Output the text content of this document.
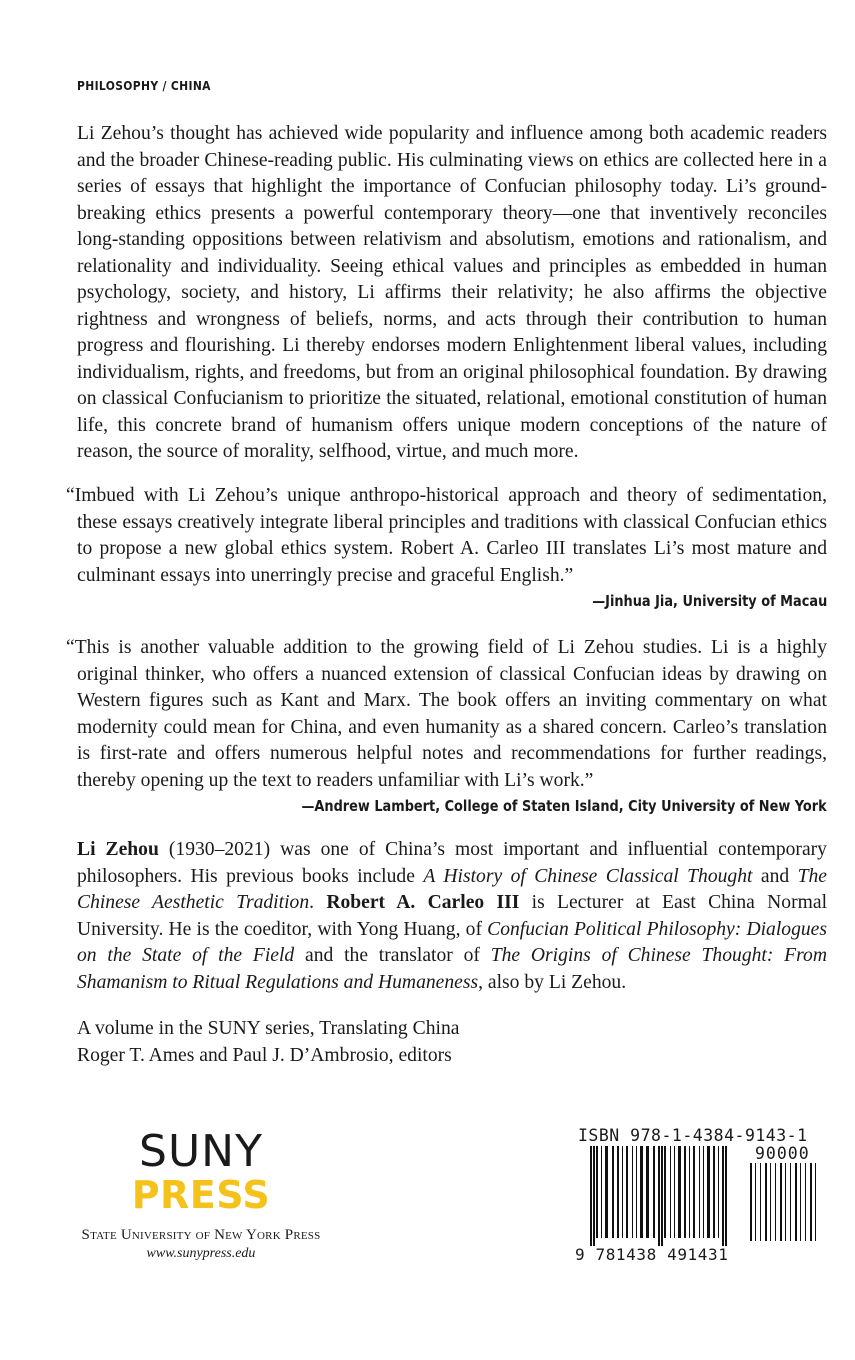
PHILOSOPHY / CHINA

Li Zehou’s thought has achieved wide popularity and influence among both academic readers and the broader Chinese-reading public. His culminating views on ethics are collected here in a series of essays that highlight the importance of Confucian philosophy today. Li’s ground-breaking ethics presents a powerful contemporary theory—one that inventively reconciles long-standing oppositions between relativism and absolutism, emotions and rationalism, and relationality and individuality. Seeing ethical values and principles as embedded in human psychology, society, and history, Li affirms their relativity; he also affirms the objective rightness and wrongness of beliefs, norms, and acts through their contribution to human progress and flourishing. Li thereby endorses modern Enlightenment liberal values, including individualism, rights, and freedoms, but from an original philosophical foundation. By drawing on classical Confucianism to prioritize the situated, relational, emotional constitution of human life, this concrete brand of humanism offers unique modern conceptions of the nature of reason, the source of morality, selfhood, virtue, and much more.

“Imbued with Li Zehou’s unique anthropo-historical approach and theory of sedimentation, these essays creatively integrate liberal principles and traditions with classical Confucian ethics to propose a new global ethics system. Robert A. Carleo III translates Li’s most mature and culminant essays into unerringly precise and graceful English.”

—Jinhua Jia, University of Macau

“This is another valuable addition to the growing field of Li Zehou studies. Li is a highly original thinker, who offers a nuanced extension of classical Confucian ideas by drawing on Western figures such as Kant and Marx. The book offers an inviting commentary on what modernity could mean for China, and even humanity as a shared concern. Carleo’s translation is first-rate and offers numerous helpful notes and recommendations for further readings, thereby opening up the text to readers unfamiliar with Li’s work.”

—Andrew Lambert, College of Staten Island, City University of New York

Li Zehou (1930–2021) was one of China’s most important and influential contemporary philosophers. His previous books include A History of Chinese Classical Thought and The Chinese Aesthetic Tradition. Robert A. Carleo III is Lecturer at East China Normal University. He is the coeditor, with Yong Huang, of Confucian Political Philosophy: Dialogues on the State of the Field and the translator of The Origins of Chinese Thought: From Shamanism to Ritual Regulations and Humaneness, also by Li Zehou.

A volume in the SUNY series, Translating China
Roger T. Ames and Paul J. D’Ambrosio, editors
SUNY
PRESS
State University of New York Press
www.sunypress.edu
ISBN 978-1-4384-9143-1
90000
9 781438 491431
